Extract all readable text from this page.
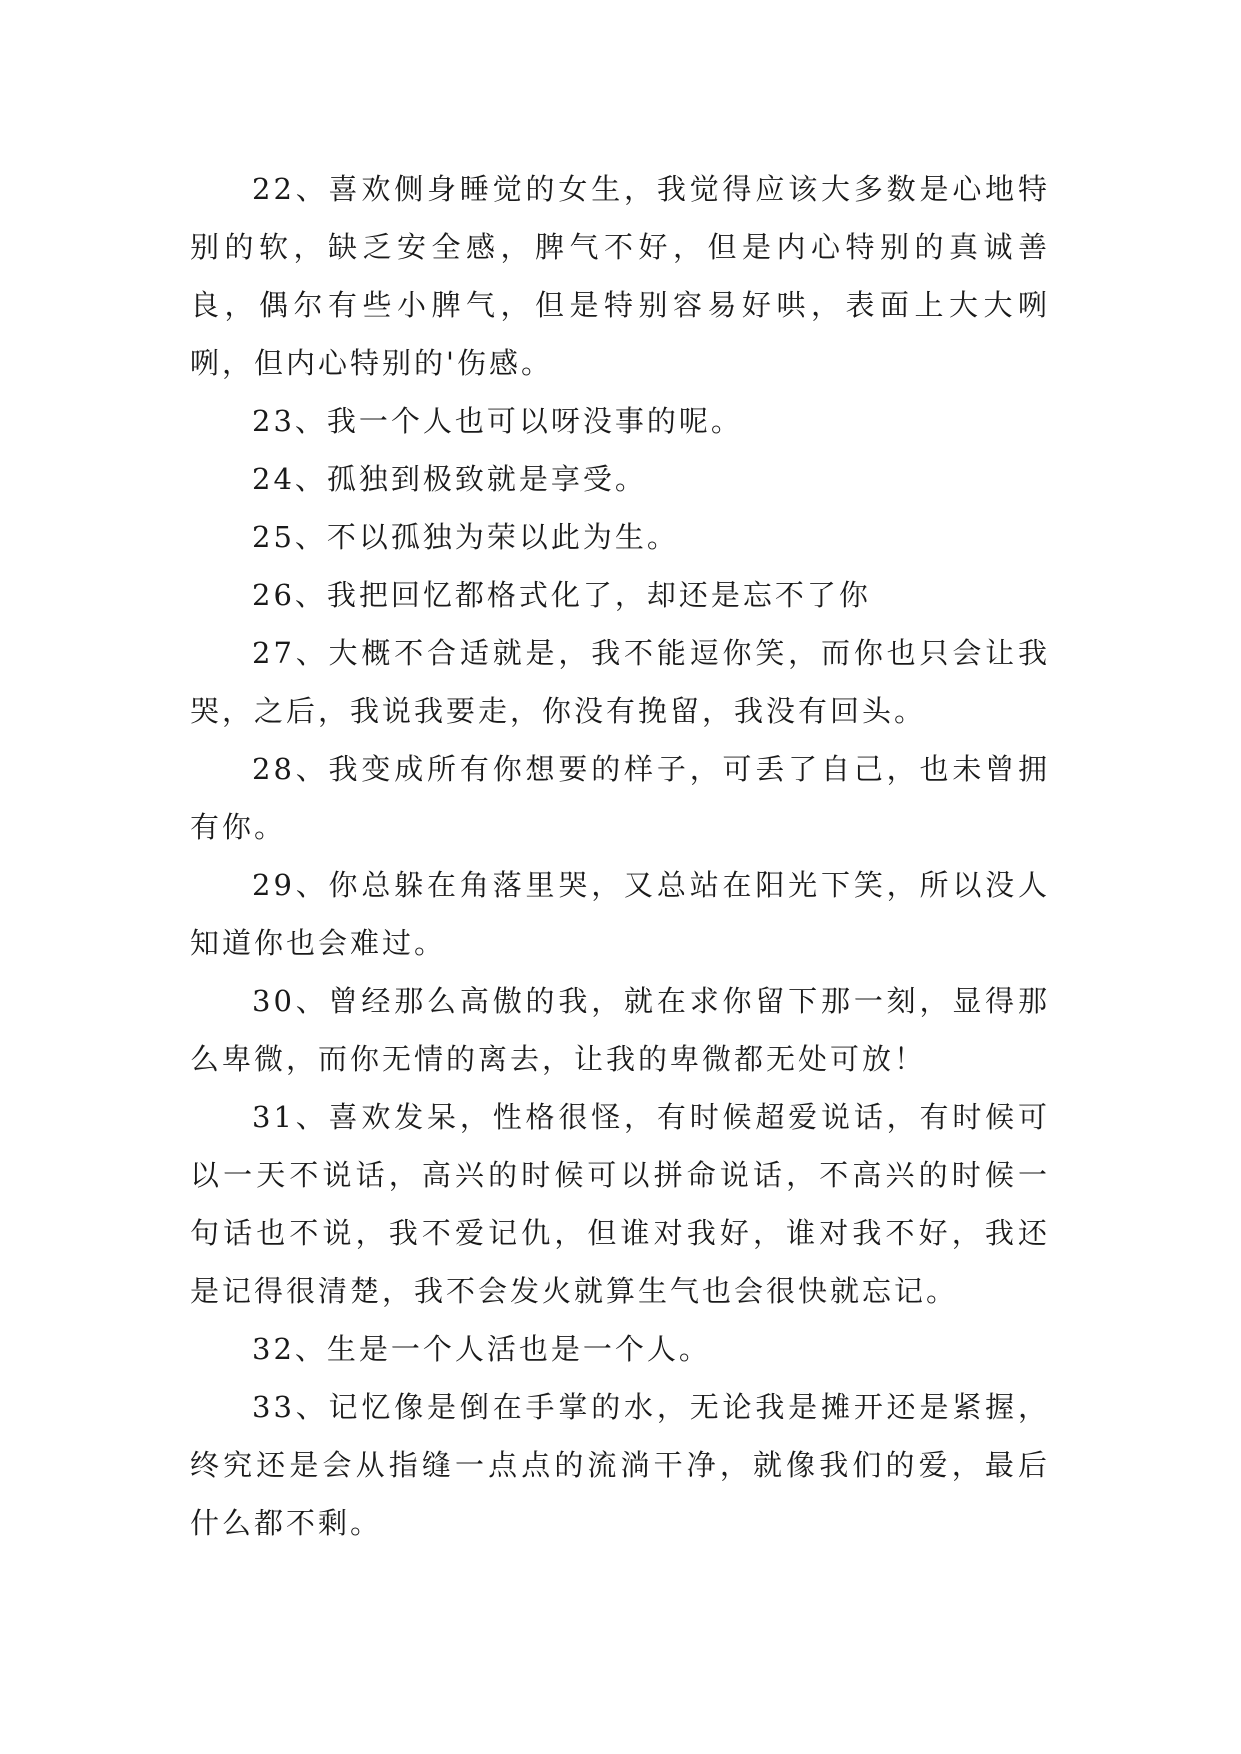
22、喜欢侧身睡觉的女生，我觉得应该大多数是心地特别的软，缺乏安全感，脾气不好，但是内心特别的真诚善良，偶尔有些小脾气，但是特别容易好哄，表面上大大咧咧，但内心特别的'伤感。

23、我一个人也可以呀没事的呢。

24、孤独到极致就是享受。

25、不以孤独为荣以此为生。

26、我把回忆都格式化了，却还是忘不了你

27、大概不合适就是，我不能逗你笑，而你也只会让我哭，之后，我说我要走，你没有挽留，我没有回头。

28、我变成所有你想要的样子，可丢了自己，也未曾拥有你。

29、你总躲在角落里哭，又总站在阳光下笑，所以没人知道你也会难过。

30、曾经那么高傲的我，就在求你留下那一刻，显得那么卑微，而你无情的离去，让我的卑微都无处可放！

31、喜欢发呆，性格很怪，有时候超爱说话，有时候可以一天不说话，高兴的时候可以拼命说话，不高兴的时候一句话也不说，我不爱记仇，但谁对我好，谁对我不好，我还是记得很清楚，我不会发火就算生气也会很快就忘记。

32、生是一个人活也是一个人。

33、记忆像是倒在手掌的水，无论我是摊开还是紧握，终究还是会从指缝一点点的流淌干净，就像我们的爱，最后什么都不剩。
